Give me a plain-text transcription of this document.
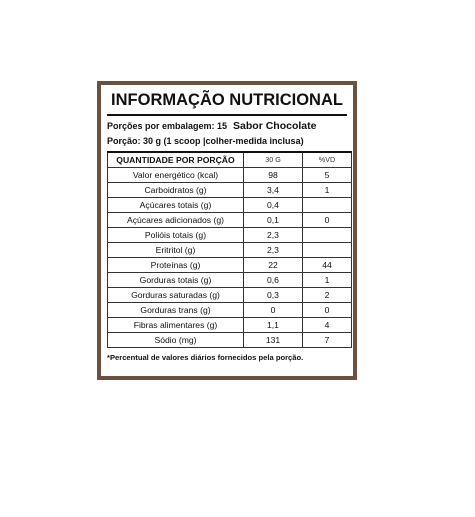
INFORMAÇÃO NUTRICIONAL
Porções por embalagem: 15 Sabor Chocolate
Porção: 30 g (1 scoop |colher-medida inclusa)
QUANTIDADE POR PORÇÃO	30 G	%VD
Valor energético (kcal)	98	5
Carboidratos (g)	3,4	1
Açúcares totais (g)	0,4	
Açúcares adicionados (g)	0,1	0
Polióis totais (g)	2,3	
Eritritol (g)	2,3	
Proteínas (g)	22	44
Gorduras totais (g)	0,6	1
Gorduras saturadas (g)	0,3	2
Gorduras trans (g)	0	0
Fibras alimentares (g)	1,1	4
Sódio (mg)	131	7
*Percentual de valores diários fornecidos pela porção.
